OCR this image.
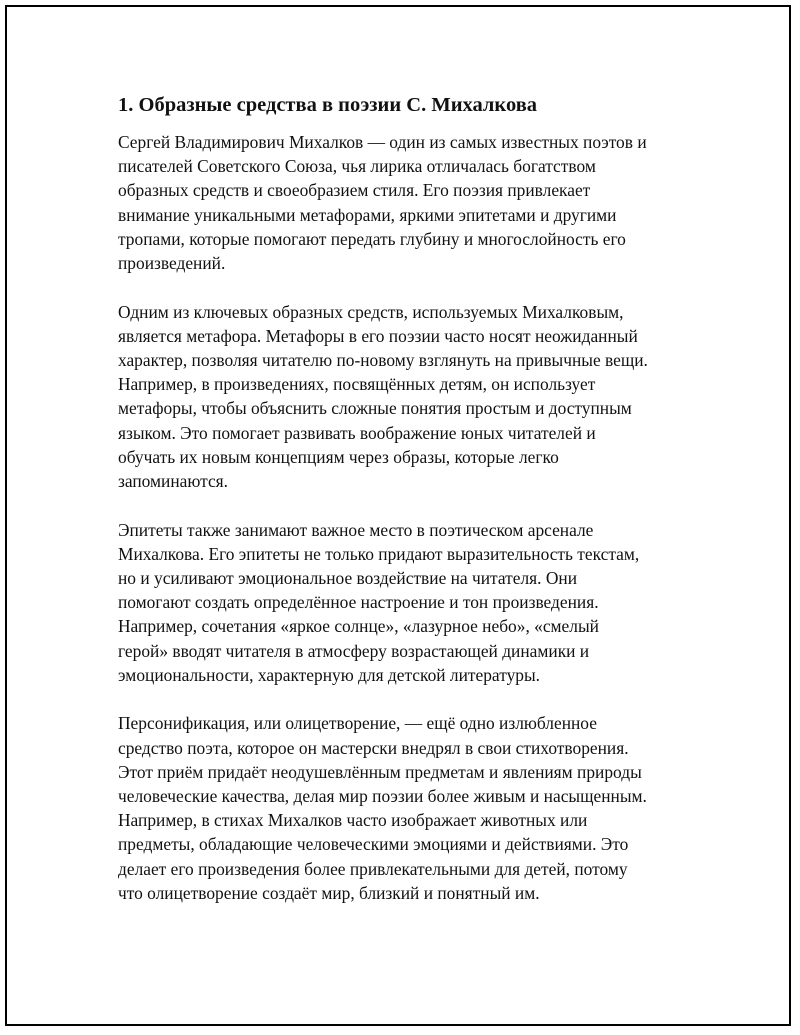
1. Образные средства в поэзии С. Михалкова
Сергей Владимирович Михалков — один из самых известных поэтов и
писателей Советского Союза, чья лирика отличалась богатством
образных средств и своеобразием стиля. Его поэзия привлекает
внимание уникальными метафорами, яркими эпитетами и другими
тропами, которые помогают передать глубину и многослойность его
произведений.
Одним из ключевых образных средств, используемых Михалковым,
является метафора. Метафоры в его поэзии часто носят неожиданный
характер, позволяя читателю по-новому взглянуть на привычные вещи.
Например, в произведениях, посвящённых детям, он использует
метафоры, чтобы объяснить сложные понятия простым и доступным
языком. Это помогает развивать воображение юных читателей и
обучать их новым концепциям через образы, которые легко
запоминаются.
Эпитеты также занимают важное место в поэтическом арсенале
Михалкова. Его эпитеты не только придают выразительность текстам,
но и усиливают эмоциональное воздействие на читателя. Они
помогают создать определённое настроение и тон произведения.
Например, сочетания «яркое солнце», «лазурное небо», «смелый
герой» вводят читателя в атмосферу возрастающей динамики и
эмоциональности, характерную для детской литературы.
Персонификация, или олицетворение, — ещё одно излюбленное
средство поэта, которое он мастерски внедрял в свои стихотворения.
Этот приём придаёт неодушевлённым предметам и явлениям природы
человеческие качества, делая мир поэзии более живым и насыщенным.
Например, в стихах Михалков часто изображает животных или
предметы, обладающие человеческими эмоциями и действиями. Это
делает его произведения более привлекательными для детей, потому
что олицетворение создаёт мир, близкий и понятный им.
